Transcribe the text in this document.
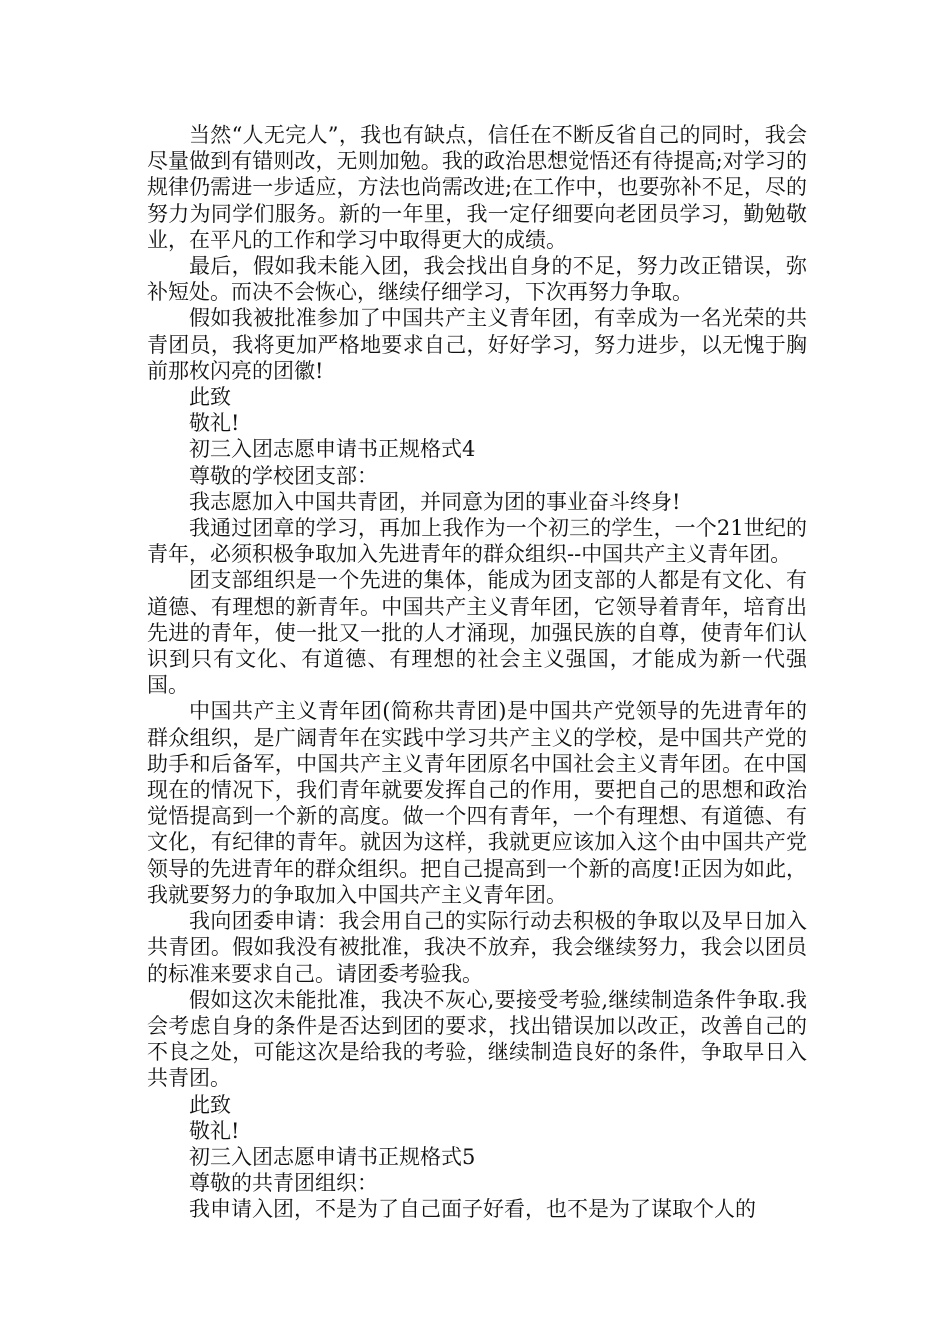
当然“人无完人”，我也有缺点，信任在不断反省自己的同时，我会尽量做到有错则改，无则加勉。我的政治思想觉悟还有待提高;对学习的规律仍需进一步适应，方法也尚需改进;在工作中，也要弥补不足，尽的努力为同学们服务。新的一年里，我一定仔细要向老团员学习，勤勉敬业，在平凡的工作和学习中取得更大的成绩。

最后，假如我未能入团，我会找出自身的不足，努力改正错误，弥补短处。而决不会恢心，继续仔细学习，下次再努力争取。

假如我被批准参加了中国共产主义青年团，有幸成为一名光荣的共青团员，我将更加严格地要求自己，好好学习，努力进步，以无愧于胸前那枚闪亮的团徽!

此致

敬礼!

初三入团志愿申请书正规格式4

尊敬的学校团支部：

我志愿加入中国共青团，并同意为团的事业奋斗终身!

我通过团章的学习，再加上我作为一个初三的学生，一个21世纪的青年，必须积极争取加入先进青年的群众组织--中国共产主义青年团。

团支部组织是一个先进的集体，能成为团支部的人都是有文化、有道德、有理想的新青年。中国共产主义青年团，它领导着青年，培育出先进的青年，使一批又一批的人才涌现，加强民族的自尊，使青年们认识到只有文化、有道德、有理想的社会主义强国，才能成为新一代强国。

中国共产主义青年团(简称共青团)是中国共产党领导的先进青年的群众组织，是广阔青年在实践中学习共产主义的学校，是中国共产党的助手和后备军，中国共产主义青年团原名中国社会主义青年团。在中国现在的情况下，我们青年就要发挥自己的作用，要把自己的思想和政治觉悟提高到一个新的高度。做一个四有青年，一个有理想、有道德、有文化，有纪律的青年。就因为这样，我就更应该加入这个由中国共产党领导的先进青年的群众组织。把自己提高到一个新的高度!正因为如此，我就要努力的争取加入中国共产主义青年团。

我向团委申请：我会用自己的实际行动去积极的争取以及早日加入共青团。假如我没有被批准，我决不放弃，我会继续努力，我会以团员的标准来要求自己。请团委考验我。

假如这次未能批准，我决不灰心,要接受考验,继续制造条件争取.我会考虑自身的条件是否达到团的要求，找出错误加以改正，改善自己的不良之处，可能这次是给我的考验，继续制造良好的条件，争取早日入共青团。

此致

敬礼!

初三入团志愿申请书正规格式5

尊敬的共青团组织：

我申请入团，不是为了自己面子好看，也不是为了谋取个人的
